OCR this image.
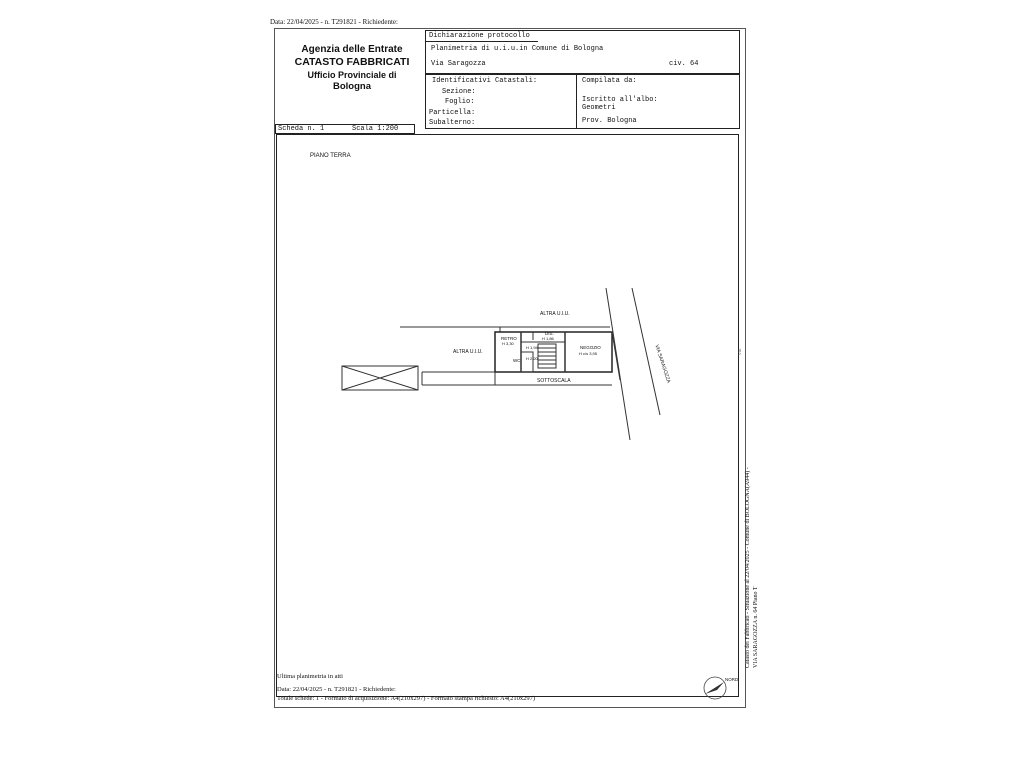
Data: 22/04/2025 - n. T291821 - Richiedente:
Agenzia delle Entrate
CATASTO FABBRICATI
Ufficio Provinciale di
Bologna
Dichiarazione protocollo
Planimetria di u.i.u.in Comune di Bologna
Via Saragozza	civ. 64
Identificativi Catastali:
Sezione:
Foglio:
Particella:
Subalterno:
Compilata da:
Iscritto all'albo:
Geometri
Prov. Bologna
Scheda n. 1	Scala 1:200
PIANO TERRA
ALTRA U.I.U.
ALTRA U.I.U.
RETRO
H 3,30
DIS.
H 1,86
H 1,94
H 2,20
WC
NEGOZIO
H c/s 3,95
SOTTOSCALA	VIA SARAGOZZA	VIA
NORD
Catasto dei Fabbricati - Situazione al 22/04/2025 - Comune di BOLOGNA(A944) - VIA SARAGOZZA n. 64 Piano T
Ultima planimetria in atti
Data: 22/04/2025 - n. T291821 - Richiedente:
Totale schede: 1 - Formato di acquisizione: A4(210x297) - Formato stampa richiesto: A4(210x297)
